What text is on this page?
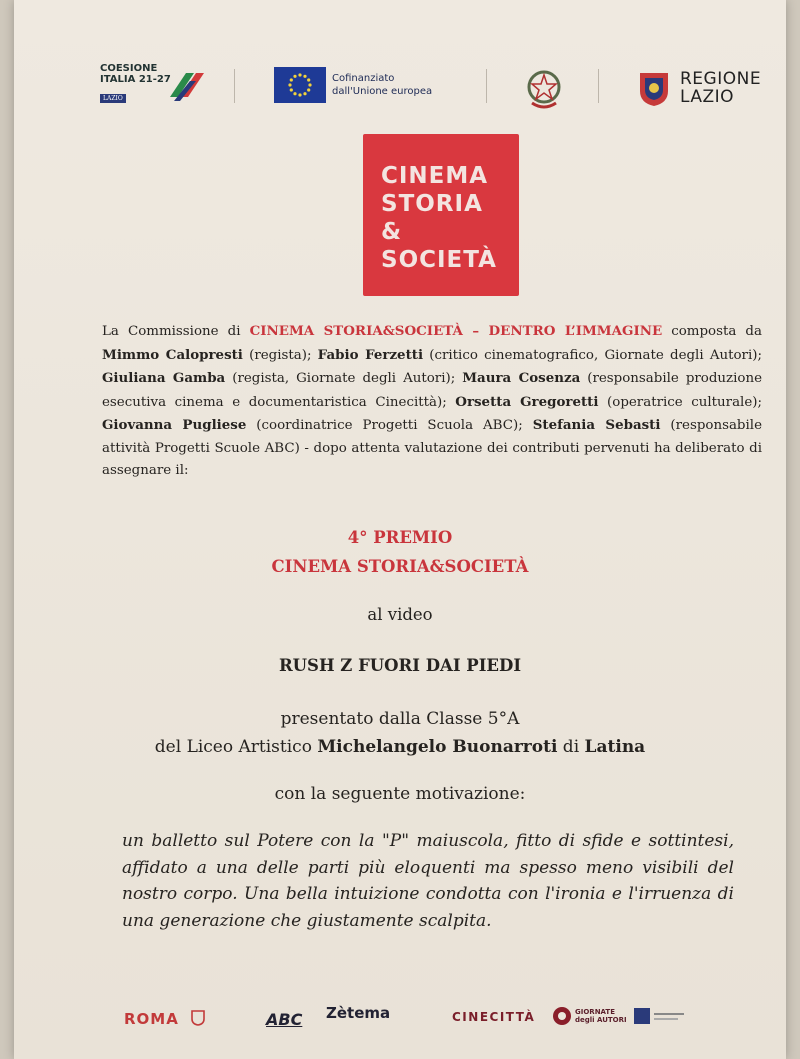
COESIONE
ITALIA 21-27
LAZIO
Cofinanziato
dall'Unione europea
REGIONE
LAZIO
CINEMA
STORIA
&
SOCIETÀ
La Commissione di CINEMA STORIA&SOCIETÀ – DENTRO L’IMMAGINE composta da Mimmo Calopresti (regista); Fabio Ferzetti (critico cinematografico, Giornate degli Autori); Giuliana Gamba (regista, Giornate degli Autori); Maura Cosenza (responsabile produzione esecutiva cinema e documentaristica Cinecittà); Orsetta Gregoretti (operatrice culturale); Giovanna Pugliese (coordinatrice Progetti Scuola ABC); Stefania Sebasti (responsabile attività Progetti Scuole ABC) - dopo attenta valutazione dei contributi pervenuti ha deliberato di assegnare il:
4° PREMIO
CINEMA STORIA&SOCIETÀ
al video
RUSH Z FUORI DAI PIEDI
presentato dalla Classe 5°A
del Liceo Artistico Michelangelo Buonarroti di Latina
con la seguente motivazione:
un balletto sul Potere con la "P" maiuscola, fitto di sfide e sottintesi, affidato a una delle parti più eloquenti ma spesso meno visibili del nostro corpo. Una bella intuizione condotta con l'ironia e l'irruenza di una generazione che giustamente scalpita.
ROMA	ABC Zètema	CINECITTÀ	GIORNATE
degli AUTORI
